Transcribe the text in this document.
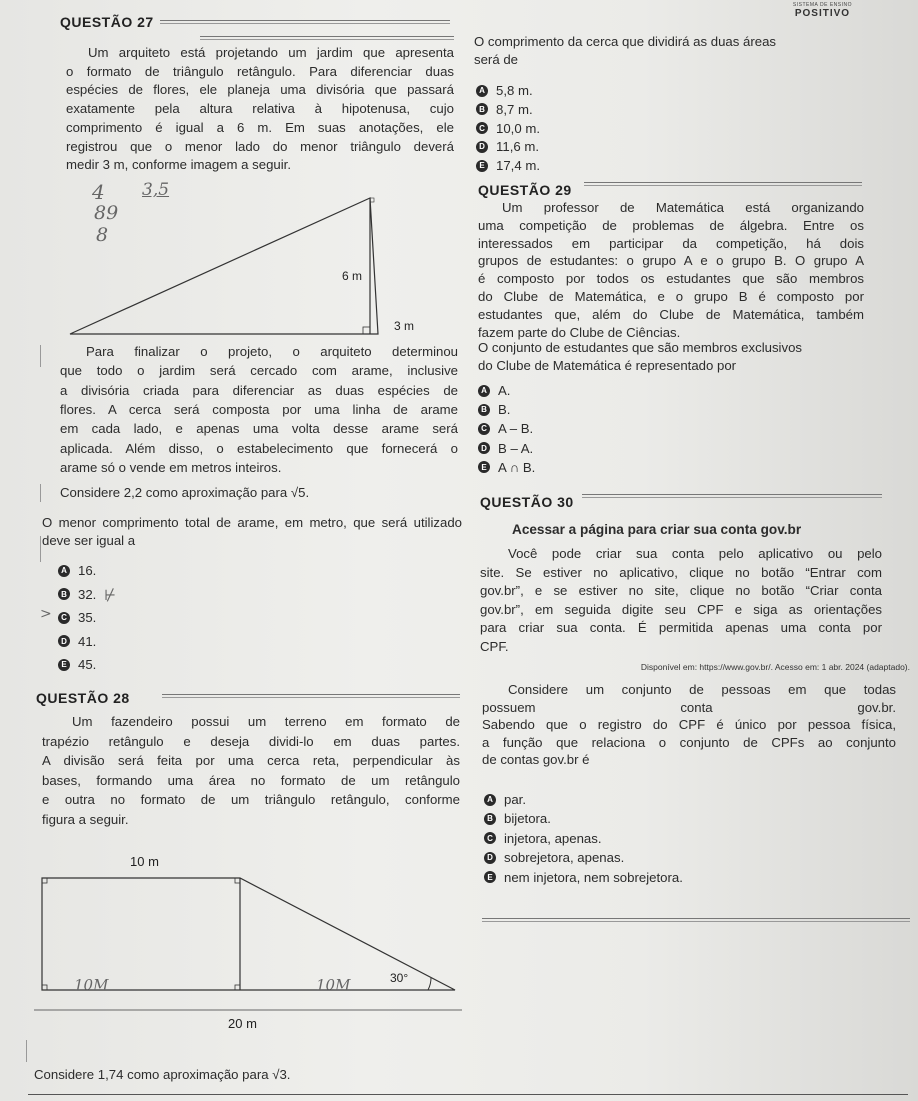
SISTEMA DE ENSINO
POSITIVO
QUESTÃO 27
Um arquiteto está projetando um jardim que apresenta
o formato de triângulo retângulo. Para diferenciar duas
espécies de flores, ele planeja uma divisória que passará
exatamente pela altura relativa à hipotenusa, cujo
comprimento é igual a 6 m. Em suas anotações, ele
registrou que o menor lado do menor triângulo deverá
medir 3 m, conforme imagem a seguir.
4 3,5
89
8
6 m
3 m
Para finalizar o projeto, o arquiteto determinou
que todo o jardim será cercado com arame, inclusive
a divisória criada para diferenciar as duas espécies de
flores. A cerca será composta por uma linha de arame
em cada lado, e apenas uma volta desse arame será
aplicada. Além disso, o estabelecimento que fornecerá o
arame só o vende em metros inteiros.
Considere 2,2 como aproximação para √5.
O menor comprimento total de arame, em metro, que será utilizado deve ser igual a
A 16.
B 32.
C 35.
D 41.
E 45.
⊬
>
QUESTÃO 28
Um fazendeiro possui um terreno em formato de
trapézio retângulo e deseja dividi-lo em duas partes.
A divisão será feita por uma cerca reta, perpendicular às
bases, formando uma área no formato de um retângulo
e outra no formato de um triângulo retângulo, conforme
figura a seguir.
10 m
30°
20 m
10M	10M
Considere 1,74 como aproximação para √3.
O comprimento da cerca que dividirá as duas áreas
será de
A 5,8 m.
B 8,7 m.
C 10,0 m.
D 11,6 m.
E 17,4 m.
QUESTÃO 29
Um professor de Matemática está organizando
uma competição de problemas de álgebra. Entre os
interessados em participar da competição, há dois
grupos de estudantes: o grupo A e o grupo B. O grupo A
é composto por todos os estudantes que são membros
do Clube de Matemática, e o grupo B é composto por
estudantes que, além do Clube de Matemática, também
fazem parte do Clube de Ciências.
O conjunto de estudantes que são membros exclusivos
do Clube de Matemática é representado por
A A.
B B.
C A – B.
D B – A.
E A ∩ B.
QUESTÃO 30
Acessar a página para criar sua conta gov.br
Você pode criar sua conta pelo aplicativo ou pelo
site. Se estiver no aplicativo, clique no botão “Entrar com
gov.br”, e se estiver no site, clique no botão “Criar conta
gov.br”, em seguida digite seu CPF e siga as orientações
para criar sua conta. É permitida apenas uma conta por
CPF.
Disponível em: https://www.gov.br/. Acesso em: 1 abr. 2024 (adaptado).
Considere um conjunto de pessoas em que todas
possuem conta gov.br.
Sabendo que o registro do CPF é único por pessoa física,
a função que relaciona o conjunto de CPFs ao conjunto
de contas gov.br é
A par.
B bijetora.
C injetora, apenas.
D sobrejetora, apenas.
E nem injetora, nem sobrejetora.
